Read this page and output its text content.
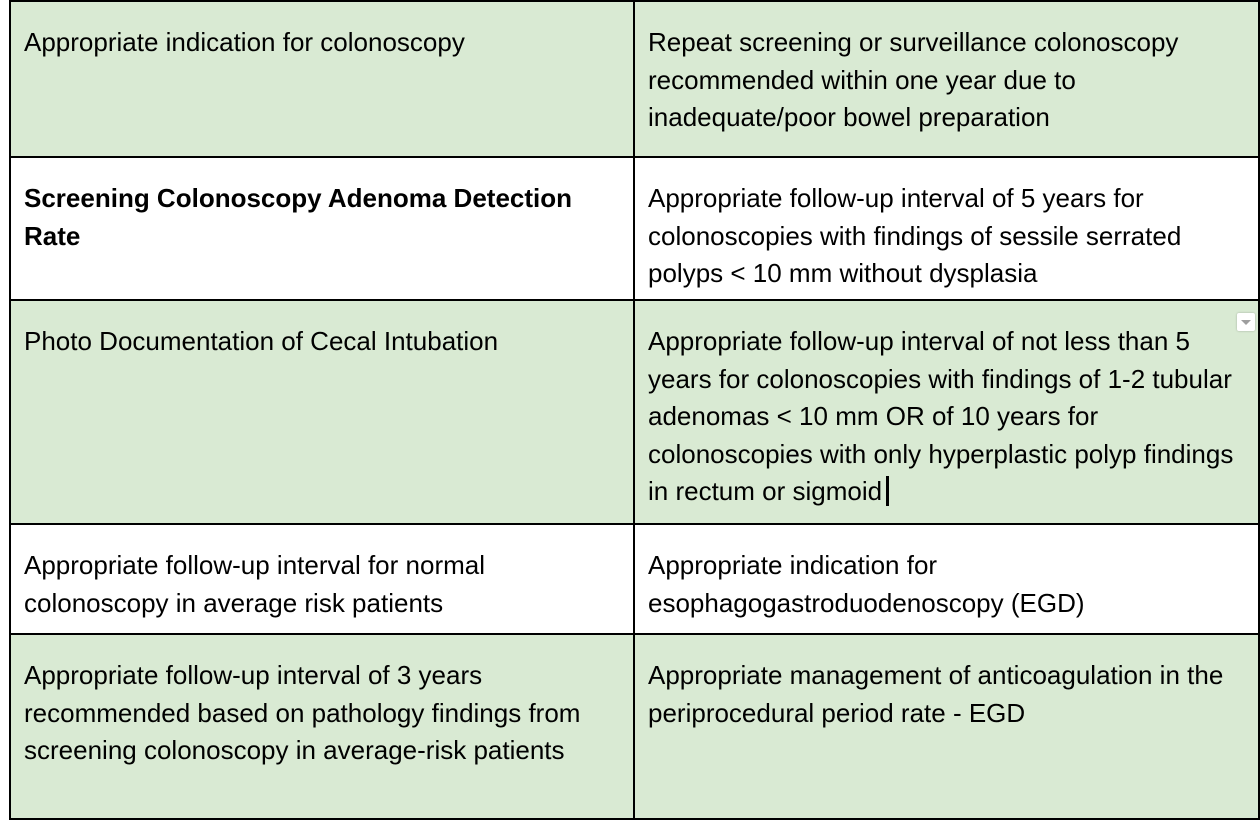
Appropriate indication for colonoscopy	Repeat screening or surveillance colonoscopy recommended within one year due to inadequate/poor bowel preparation

Screening Colonoscopy Adenoma Detection Rate	Appropriate follow-up interval of 5 years for colonoscopies with findings of sessile serrated polyps < 10 mm without dysplasia

Photo Documentation of Cecal Intubation	Appropriate follow-up interval of not less than 5 years for colonoscopies with findings of 1-2 tubular adenomas < 10 mm OR of 10 years for colonoscopies with only hyperplastic polyp findings in rectum or sigmoid

Appropriate follow-up interval for normal colonoscopy in average risk patients	Appropriate indication for esophagogastroduodenoscopy (EGD)

Appropriate follow-up interval of 3 years recommended based on pathology findings from screening colonoscopy in average-risk patients	Appropriate management of anticoagulation in the periprocedural period rate - EGD
